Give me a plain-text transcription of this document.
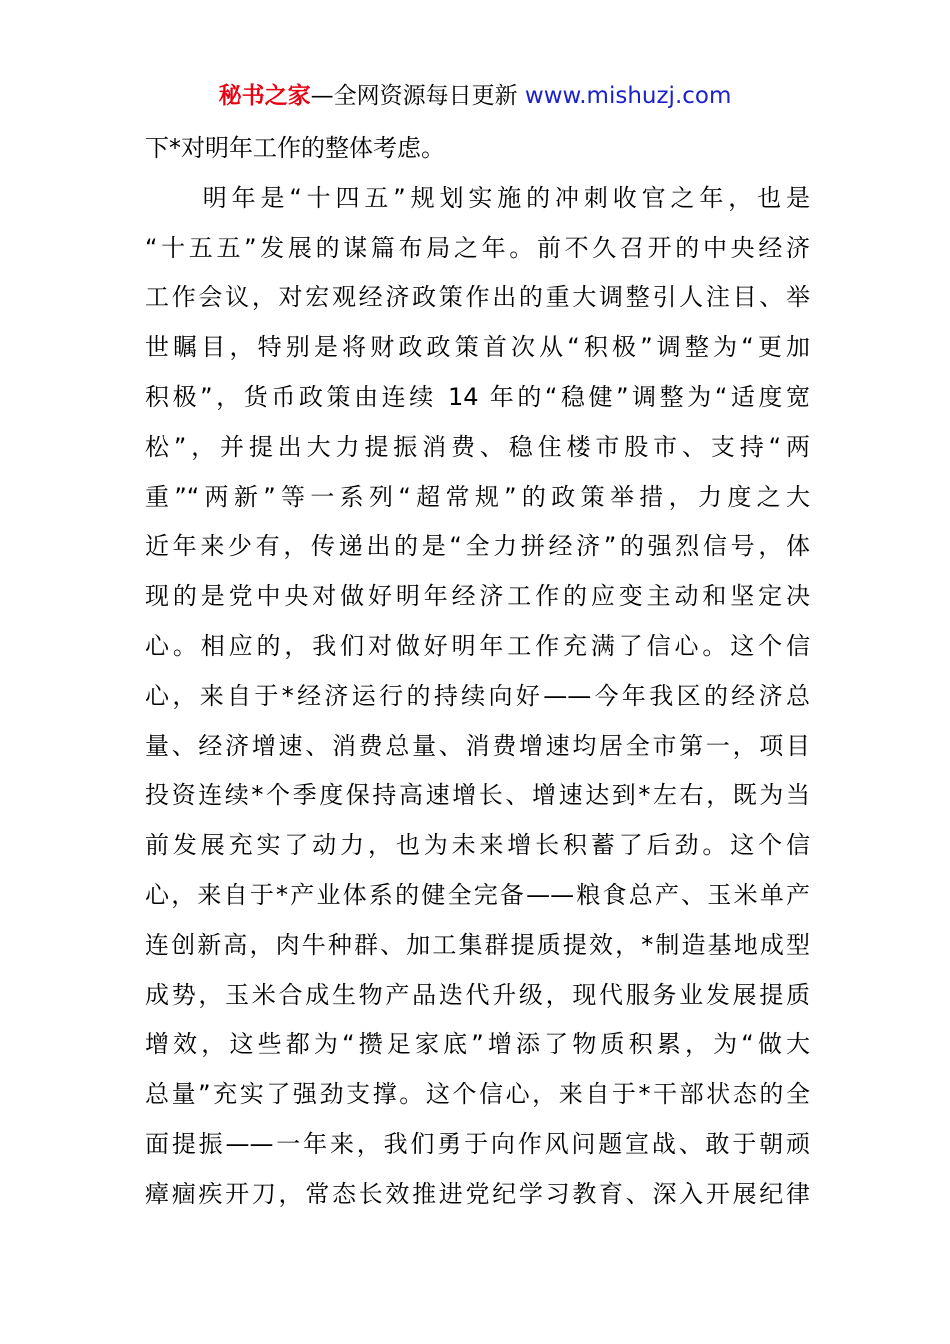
秘书之家—全网资源每日更新 www.mishuzj.com
下*对明年工作的整体考虑。
　　明年是“十四五”规划实施的冲刺收官之年，也是
“十五五”发展的谋篇布局之年。前不久召开的中央经济
工作会议，对宏观经济政策作出的重大调整引人注目、举
世瞩目，特别是将财政政策首次从“积极”调整为“更加
积极”，货币政策由连续 14 年的“稳健”调整为“适度宽
松”，并提出大力提振消费、稳住楼市股市、支持“两
重”“两新”等一系列“超常规”的政策举措，力度之大
近年来少有，传递出的是“全力拼经济”的强烈信号，体
现的是党中央对做好明年经济工作的应变主动和坚定决
心。相应的，我们对做好明年工作充满了信心。这个信
心，来自于*经济运行的持续向好——今年我区的经济总
量、经济增速、消费总量、消费增速均居全市第一，项目
投资连续*个季度保持高速增长、增速达到*左右，既为当
前发展充实了动力，也为未来增长积蓄了后劲。这个信
心，来自于*产业体系的健全完备——粮食总产、玉米单产
连创新高，肉牛种群、加工集群提质提效，*制造基地成型
成势，玉米合成生物产品迭代升级，现代服务业发展提质
增效，这些都为“攒足家底”增添了物质积累，为“做大
总量”充实了强劲支撑。这个信心，来自于*干部状态的全
面提振——一年来，我们勇于向作风问题宣战、敢于朝顽
瘴痼疾开刀，常态长效推进党纪学习教育、深入开展纪律
